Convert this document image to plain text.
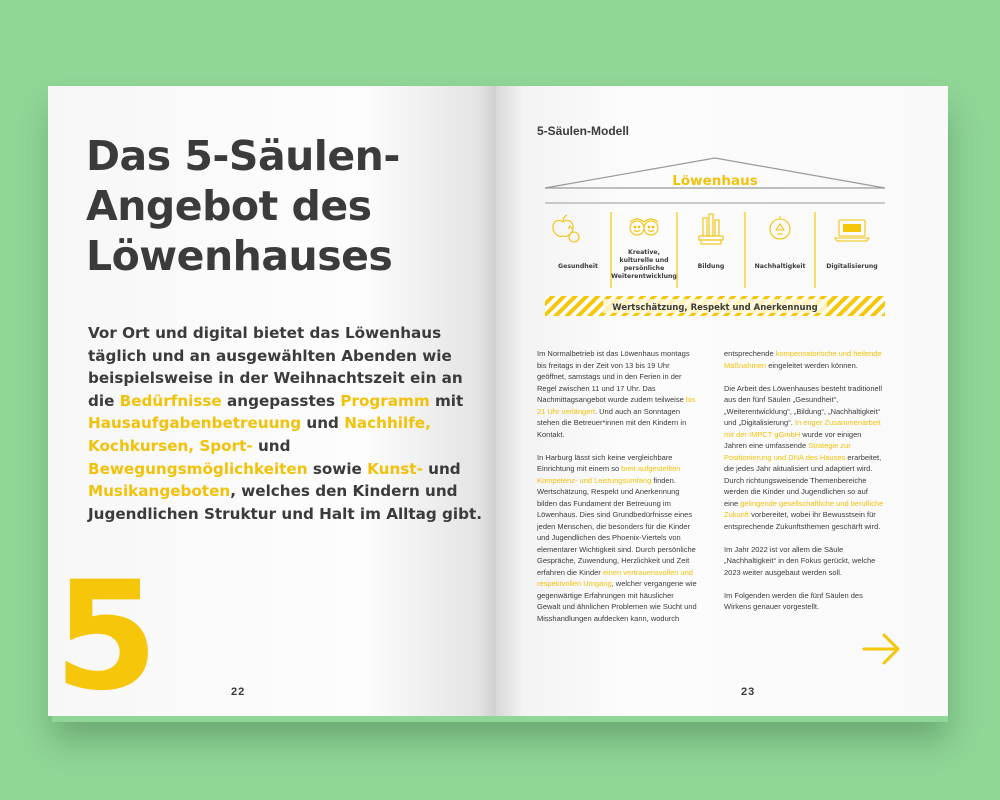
Das 5-Säulen-
Angebot des
Löwenhauses
Vor Ort und digital bietet das Löwenhaus täglich und an ausgewählten Abenden wie beispielsweise in der Weihnachtszeit ein an die Bedürfnisse angepasstes Programm mit Hausaufgabenbetreuung und Nachhilfe, Kochkursen, Sport- und Bewegungsmöglichkeiten sowie Kunst- und Musikangeboten, welches den Kindern und Jugendlichen Struktur und Halt im Alltag gibt.
5	22
5-Säulen-Modell
Löwenhaus
Gesundheit
Kreative,
kulturelle und
persönliche
Weiterentwicklung
Bildung	Nachhaltigkeit	Digitalisierung
Wertschätzung, Respekt und Anerkennung

Im Normalbetrieb ist das Löwenhaus montags bis freitags in der Zeit von 13 bis 19 Uhr geöffnet, samstags und in den Ferien in der Regel zwischen 11 und 17 Uhr. Das Nachmittagsangebot wurde zudem teilweise bis 21 Uhr verlängert. Und auch an Sonntagen stehen die Betreuer*innen mit den Kindern in Kontakt.

In Harburg lässt sich keine vergleichbare Einrichtung mit einem so breit aufgestellten Kompetenz- und Leistungsumfang finden. Wertschätzung, Respekt und Anerkennung bilden das Fundament der Betreuung im Löwenhaus. Dies sind Grundbedürfnisse eines jeden Menschen, die besonders für die Kinder und Jugendlichen des Phoenix-Viertels von elementarer Wichtigkeit sind. Durch persönliche Gespräche, Zuwendung, Herzlichkeit und Zeit erfahren die Kinder einen vertrauensvollen und respektvollen Umgang, welcher vergangene wie gegenwärtige Erfahrungen mit häuslicher Gewalt und ähnlichen Problemen wie Sucht und Misshandlungen aufdecken kann, wodurch

entsprechende kompensatorische und heilende Maßnahmen eingeleitet werden können.

Die Arbeit des Löwenhauses besteht traditionell aus den fünf Säulen „Gesundheit“, „Weiterentwicklung“, „Bildung“, „Nachhaltigkeit“ und „Digitalisierung“. In enger Zusammenarbeit mit der IMPCT gGmbH wurde vor einigen Jahren eine umfassende Strategie zur Positionierung und DNA des Hauses erarbeitet, die jedes Jahr aktualisiert und adaptiert wird. Durch richtungsweisende Themenbereiche werden die Kinder und Jugendlichen so auf eine gelingende gesellschaftliche und berufliche Zukunft vorbereitet, wobei ihr Bewusstsein für entsprechende Zukunftsthemen geschärft wird.

Im Jahr 2022 ist vor allem die Säule „Nachhaltigkeit“ in den Fokus gerückt, welche 2023 weiter ausgebaut werden soll.

Im Folgenden werden die fünf Säulen des Wirkens genauer vorgestellt.

23
